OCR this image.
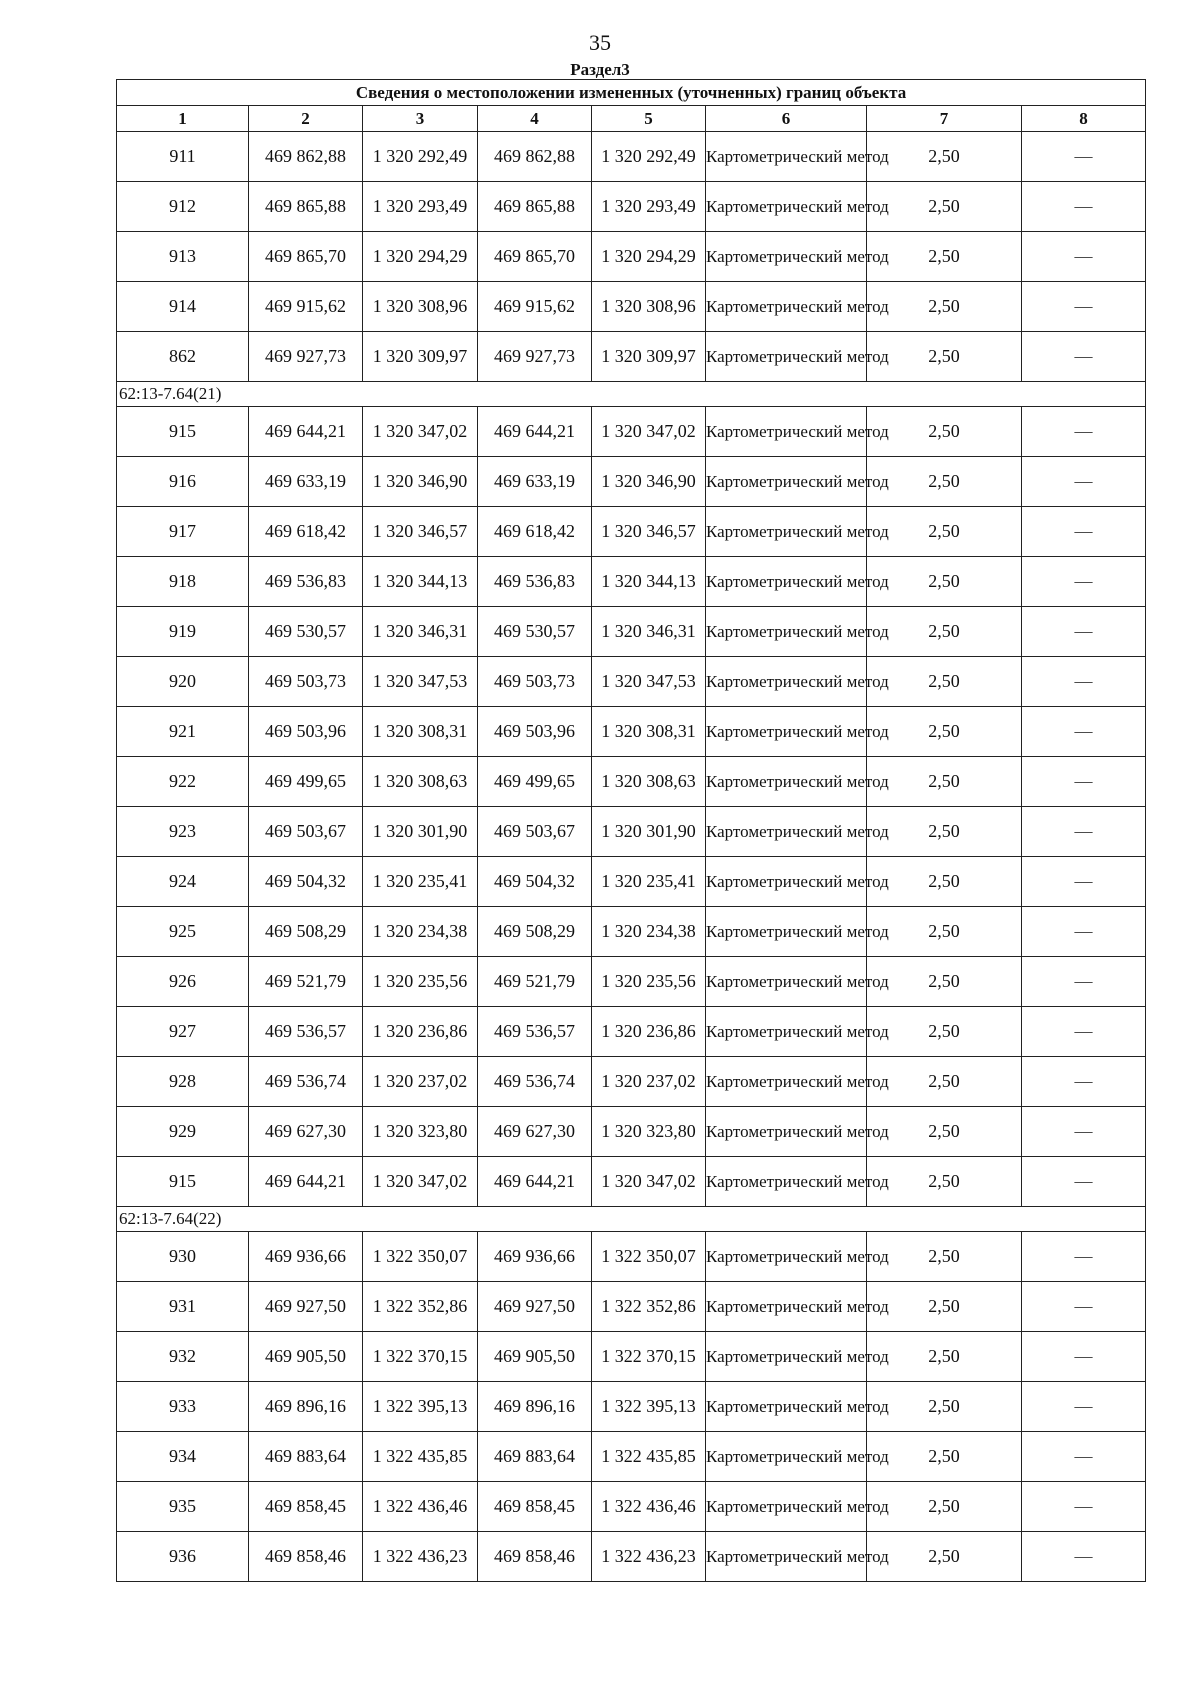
35
Раздел3
Сведения о местоположении измененных (уточненных) границ объекта							
1	2	3	4	5	6	7	8
911	469 862,88	1 320 292,49	469 862,88	1 320 292,49	Картометрический метод	2,50	—
912	469 865,88	1 320 293,49	469 865,88	1 320 293,49	Картометрический метод	2,50	—
913	469 865,70	1 320 294,29	469 865,70	1 320 294,29	Картометрический метод	2,50	—
914	469 915,62	1 320 308,96	469 915,62	1 320 308,96	Картометрический метод	2,50	—
862	469 927,73	1 320 309,97	469 927,73	1 320 309,97	Картометрический метод	2,50	—
62:13-7.64(21)							
915	469 644,21	1 320 347,02	469 644,21	1 320 347,02	Картометрический метод	2,50	—
916	469 633,19	1 320 346,90	469 633,19	1 320 346,90	Картометрический метод	2,50	—
917	469 618,42	1 320 346,57	469 618,42	1 320 346,57	Картометрический метод	2,50	—
918	469 536,83	1 320 344,13	469 536,83	1 320 344,13	Картометрический метод	2,50	—
919	469 530,57	1 320 346,31	469 530,57	1 320 346,31	Картометрический метод	2,50	—
920	469 503,73	1 320 347,53	469 503,73	1 320 347,53	Картометрический метод	2,50	—
921	469 503,96	1 320 308,31	469 503,96	1 320 308,31	Картометрический метод	2,50	—
922	469 499,65	1 320 308,63	469 499,65	1 320 308,63	Картометрический метод	2,50	—
923	469 503,67	1 320 301,90	469 503,67	1 320 301,90	Картометрический метод	2,50	—
924	469 504,32	1 320 235,41	469 504,32	1 320 235,41	Картометрический метод	2,50	—
925	469 508,29	1 320 234,38	469 508,29	1 320 234,38	Картометрический метод	2,50	—
926	469 521,79	1 320 235,56	469 521,79	1 320 235,56	Картометрический метод	2,50	—
927	469 536,57	1 320 236,86	469 536,57	1 320 236,86	Картометрический метод	2,50	—
928	469 536,74	1 320 237,02	469 536,74	1 320 237,02	Картометрический метод	2,50	—
929	469 627,30	1 320 323,80	469 627,30	1 320 323,80	Картометрический метод	2,50	—
915	469 644,21	1 320 347,02	469 644,21	1 320 347,02	Картометрический метод	2,50	—
62:13-7.64(22)							
930	469 936,66	1 322 350,07	469 936,66	1 322 350,07	Картометрический метод	2,50	—
931	469 927,50	1 322 352,86	469 927,50	1 322 352,86	Картометрический метод	2,50	—
932	469 905,50	1 322 370,15	469 905,50	1 322 370,15	Картометрический метод	2,50	—
933	469 896,16	1 322 395,13	469 896,16	1 322 395,13	Картометрический метод	2,50	—
934	469 883,64	1 322 435,85	469 883,64	1 322 435,85	Картометрический метод	2,50	—
935	469 858,45	1 322 436,46	469 858,45	1 322 436,46	Картометрический метод	2,50	—
936	469 858,46	1 322 436,23	469 858,46	1 322 436,23	Картометрический метод	2,50	—
